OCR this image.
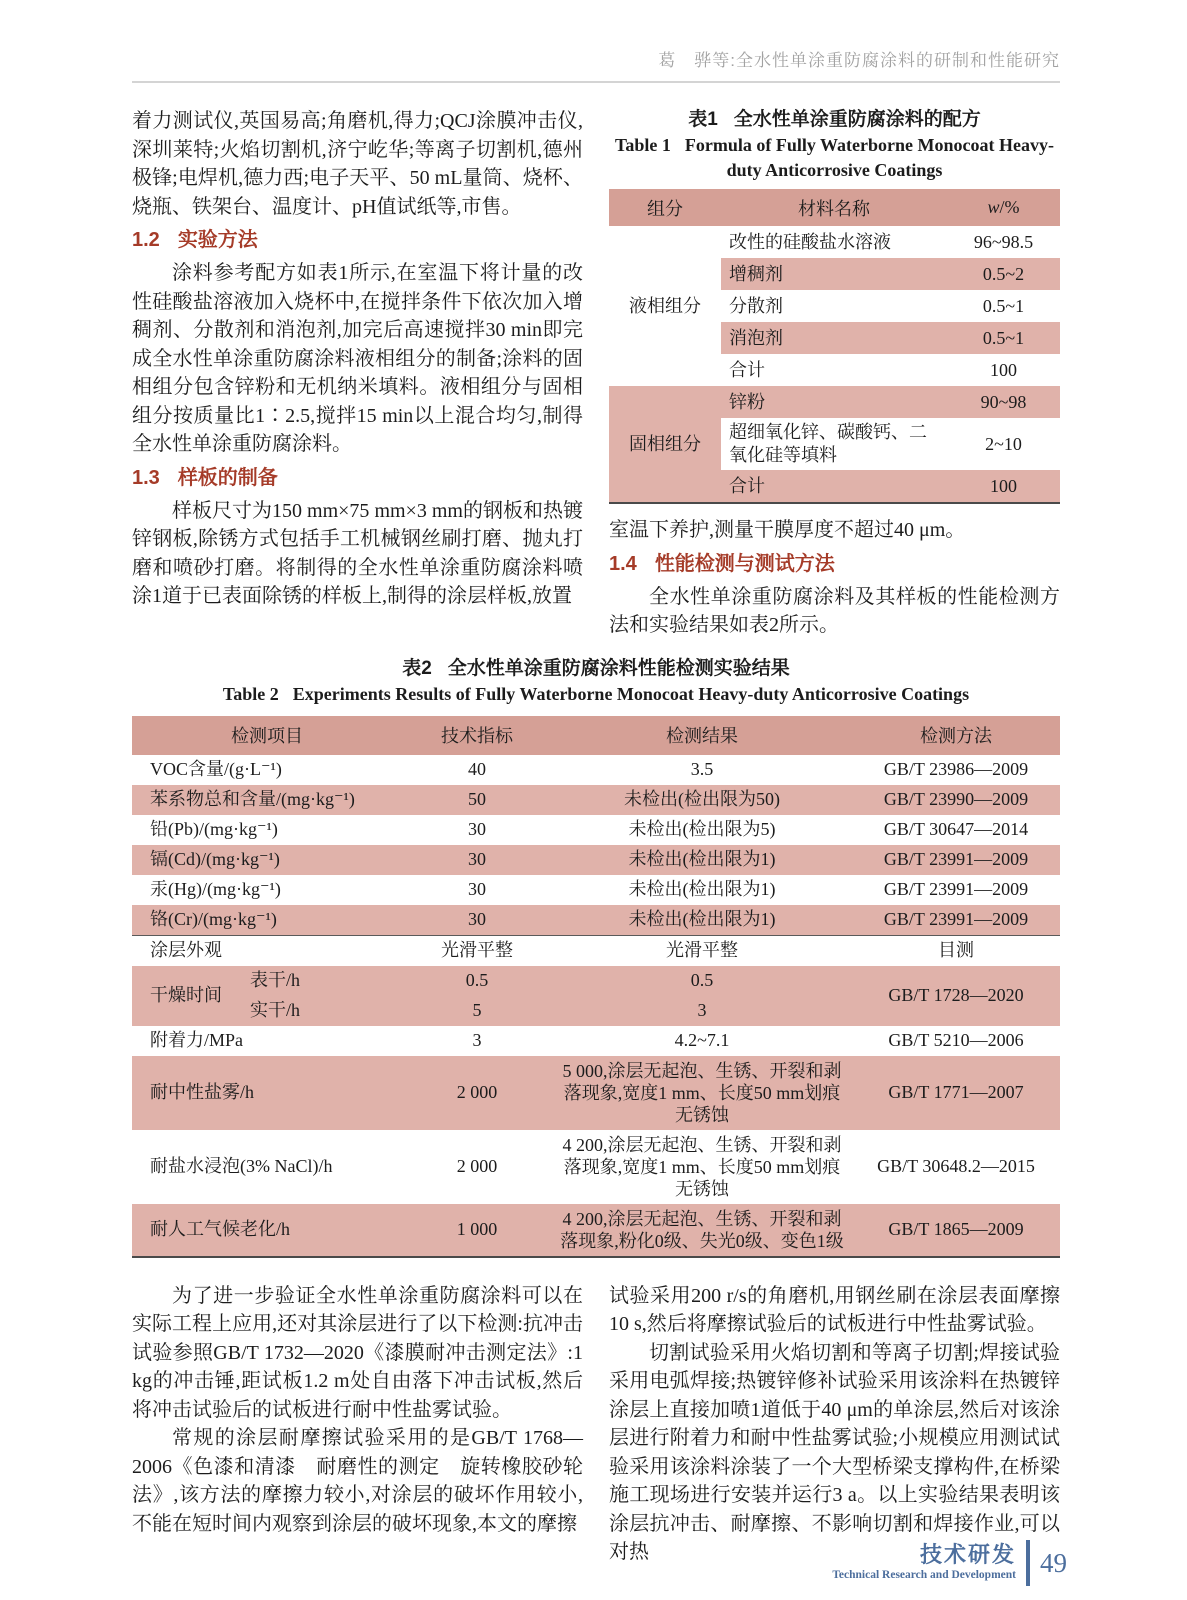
葛　骅等:全水性单涂重防腐涂料的研制和性能研究

着力测试仪,英国易高;角磨机,得力;QCJ涂膜冲击仪,深圳莱特;火焰切割机,济宁屹华;等离子切割机,德州极锋;电焊机,德力西;电子天平、50 mL量筒、烧杯、烧瓶、铁架台、温度计、pH值试纸等,市售。

1.2 实验方法

涂料参考配方如表1所示,在室温下将计量的改性硅酸盐溶液加入烧杯中,在搅拌条件下依次加入增稠剂、分散剂和消泡剂,加完后高速搅拌30 min即完成全水性单涂重防腐涂料液相组分的制备;涂料的固相组分包含锌粉和无机纳米填料。液相组分与固相组分按质量比1∶2.5,搅拌15 min以上混合均匀,制得全水性单涂重防腐涂料。

1.3 样板的制备

样板尺寸为150 mm×75 mm×3 mm的钢板和热镀锌钢板,除锈方式包括手工机械钢丝刷打磨、抛丸打磨和喷砂打磨。将制得的全水性单涂重防腐涂料喷涂1道于已表面除锈的样板上,制得的涂层样板,放置

表1 全水性单涂重防腐涂料的配方
Table 1 Formula of Fully Waterborne Monocoat Heavy-duty Anticorrosive Coatings
组分	材料名称	w/%
液相组分	改性的硅酸盐水溶液	96~98.5
	增稠剂	0.5~2
	分散剂	0.5~1
	消泡剂	0.5~1
	合计	100
固相组分	锌粉	90~98
	超细氧化锌、碳酸钙、二氧化硅等填料	2~10
	合计	100

室温下养护,测量干膜厚度不超过40 μm。

1.4 性能检测与测试方法

全水性单涂重防腐涂料及其样板的性能检测方法和实验结果如表2所示。

表2 全水性单涂重防腐涂料性能检测实验结果
Table 2 Experiments Results of Fully Waterborne Monocoat Heavy-duty Anticorrosive Coatings
检测项目		技术指标	检测结果	检测方法
VOC含量/(g·L⁻¹)		40	3.5	GB/T 23986—2009
苯系物总和含量/(mg·kg⁻¹)		50	未检出(检出限为50)	GB/T 23990—2009
铅(Pb)/(mg·kg⁻¹)		30	未检出(检出限为5)	GB/T 30647—2014
镉(Cd)/(mg·kg⁻¹)		30	未检出(检出限为1)	GB/T 23991—2009
汞(Hg)/(mg·kg⁻¹)		30	未检出(检出限为1)	GB/T 23991—2009
铬(Cr)/(mg·kg⁻¹)		30	未检出(检出限为1)	GB/T 23991—2009
涂层外观		光滑平整	光滑平整	目测
干燥时间	表干/h	0.5	0.5	GB/T 1728—2020
	实干/h	5	3	
附着力/MPa		3	4.2~7.1	GB/T 5210—2006
耐中性盐雾/h		2 000	5 000,涂层无起泡、生锈、开裂和剥落现象,宽度1 mm、长度50 mm划痕无锈蚀	GB/T 1771—2007
耐盐水浸泡(3% NaCl)/h		2 000	4 200,涂层无起泡、生锈、开裂和剥落现象,宽度1 mm、长度50 mm划痕无锈蚀	GB/T 30648.2—2015
耐人工气候老化/h		1 000	4 200,涂层无起泡、生锈、开裂和剥落现象,粉化0级、失光0级、变色1级	GB/T 1865—2009

为了进一步验证全水性单涂重防腐涂料可以在实际工程上应用,还对其涂层进行了以下检测:抗冲击试验参照GB/T 1732—2020《漆膜耐冲击测定法》:1 kg的冲击锤,距试板1.2 m处自由落下冲击试板,然后将冲击试验后的试板进行耐中性盐雾试验。

常规的涂层耐摩擦试验采用的是GB/T 1768—2006《色漆和清漆　耐磨性的测定　旋转橡胶砂轮法》,该方法的摩擦力较小,对涂层的破坏作用较小,不能在短时间内观察到涂层的破坏现象,本文的摩擦

试验采用200 r/s的角磨机,用钢丝刷在涂层表面摩擦10 s,然后将摩擦试验后的试板进行中性盐雾试验。

切割试验采用火焰切割和等离子切割;焊接试验采用电弧焊接;热镀锌修补试验采用该涂料在热镀锌涂层上直接加喷1道低于40 μm的单涂层,然后对该涂层进行附着力和耐中性盐雾试验;小规模应用测试试验采用该涂料涂装了一个大型桥梁支撑构件,在桥梁施工现场进行安装并运行3 a。以上实验结果表明该涂层抗冲击、耐摩擦、不影响切割和焊接作业,可以对热	技术研发
Technical Research and Development 49
